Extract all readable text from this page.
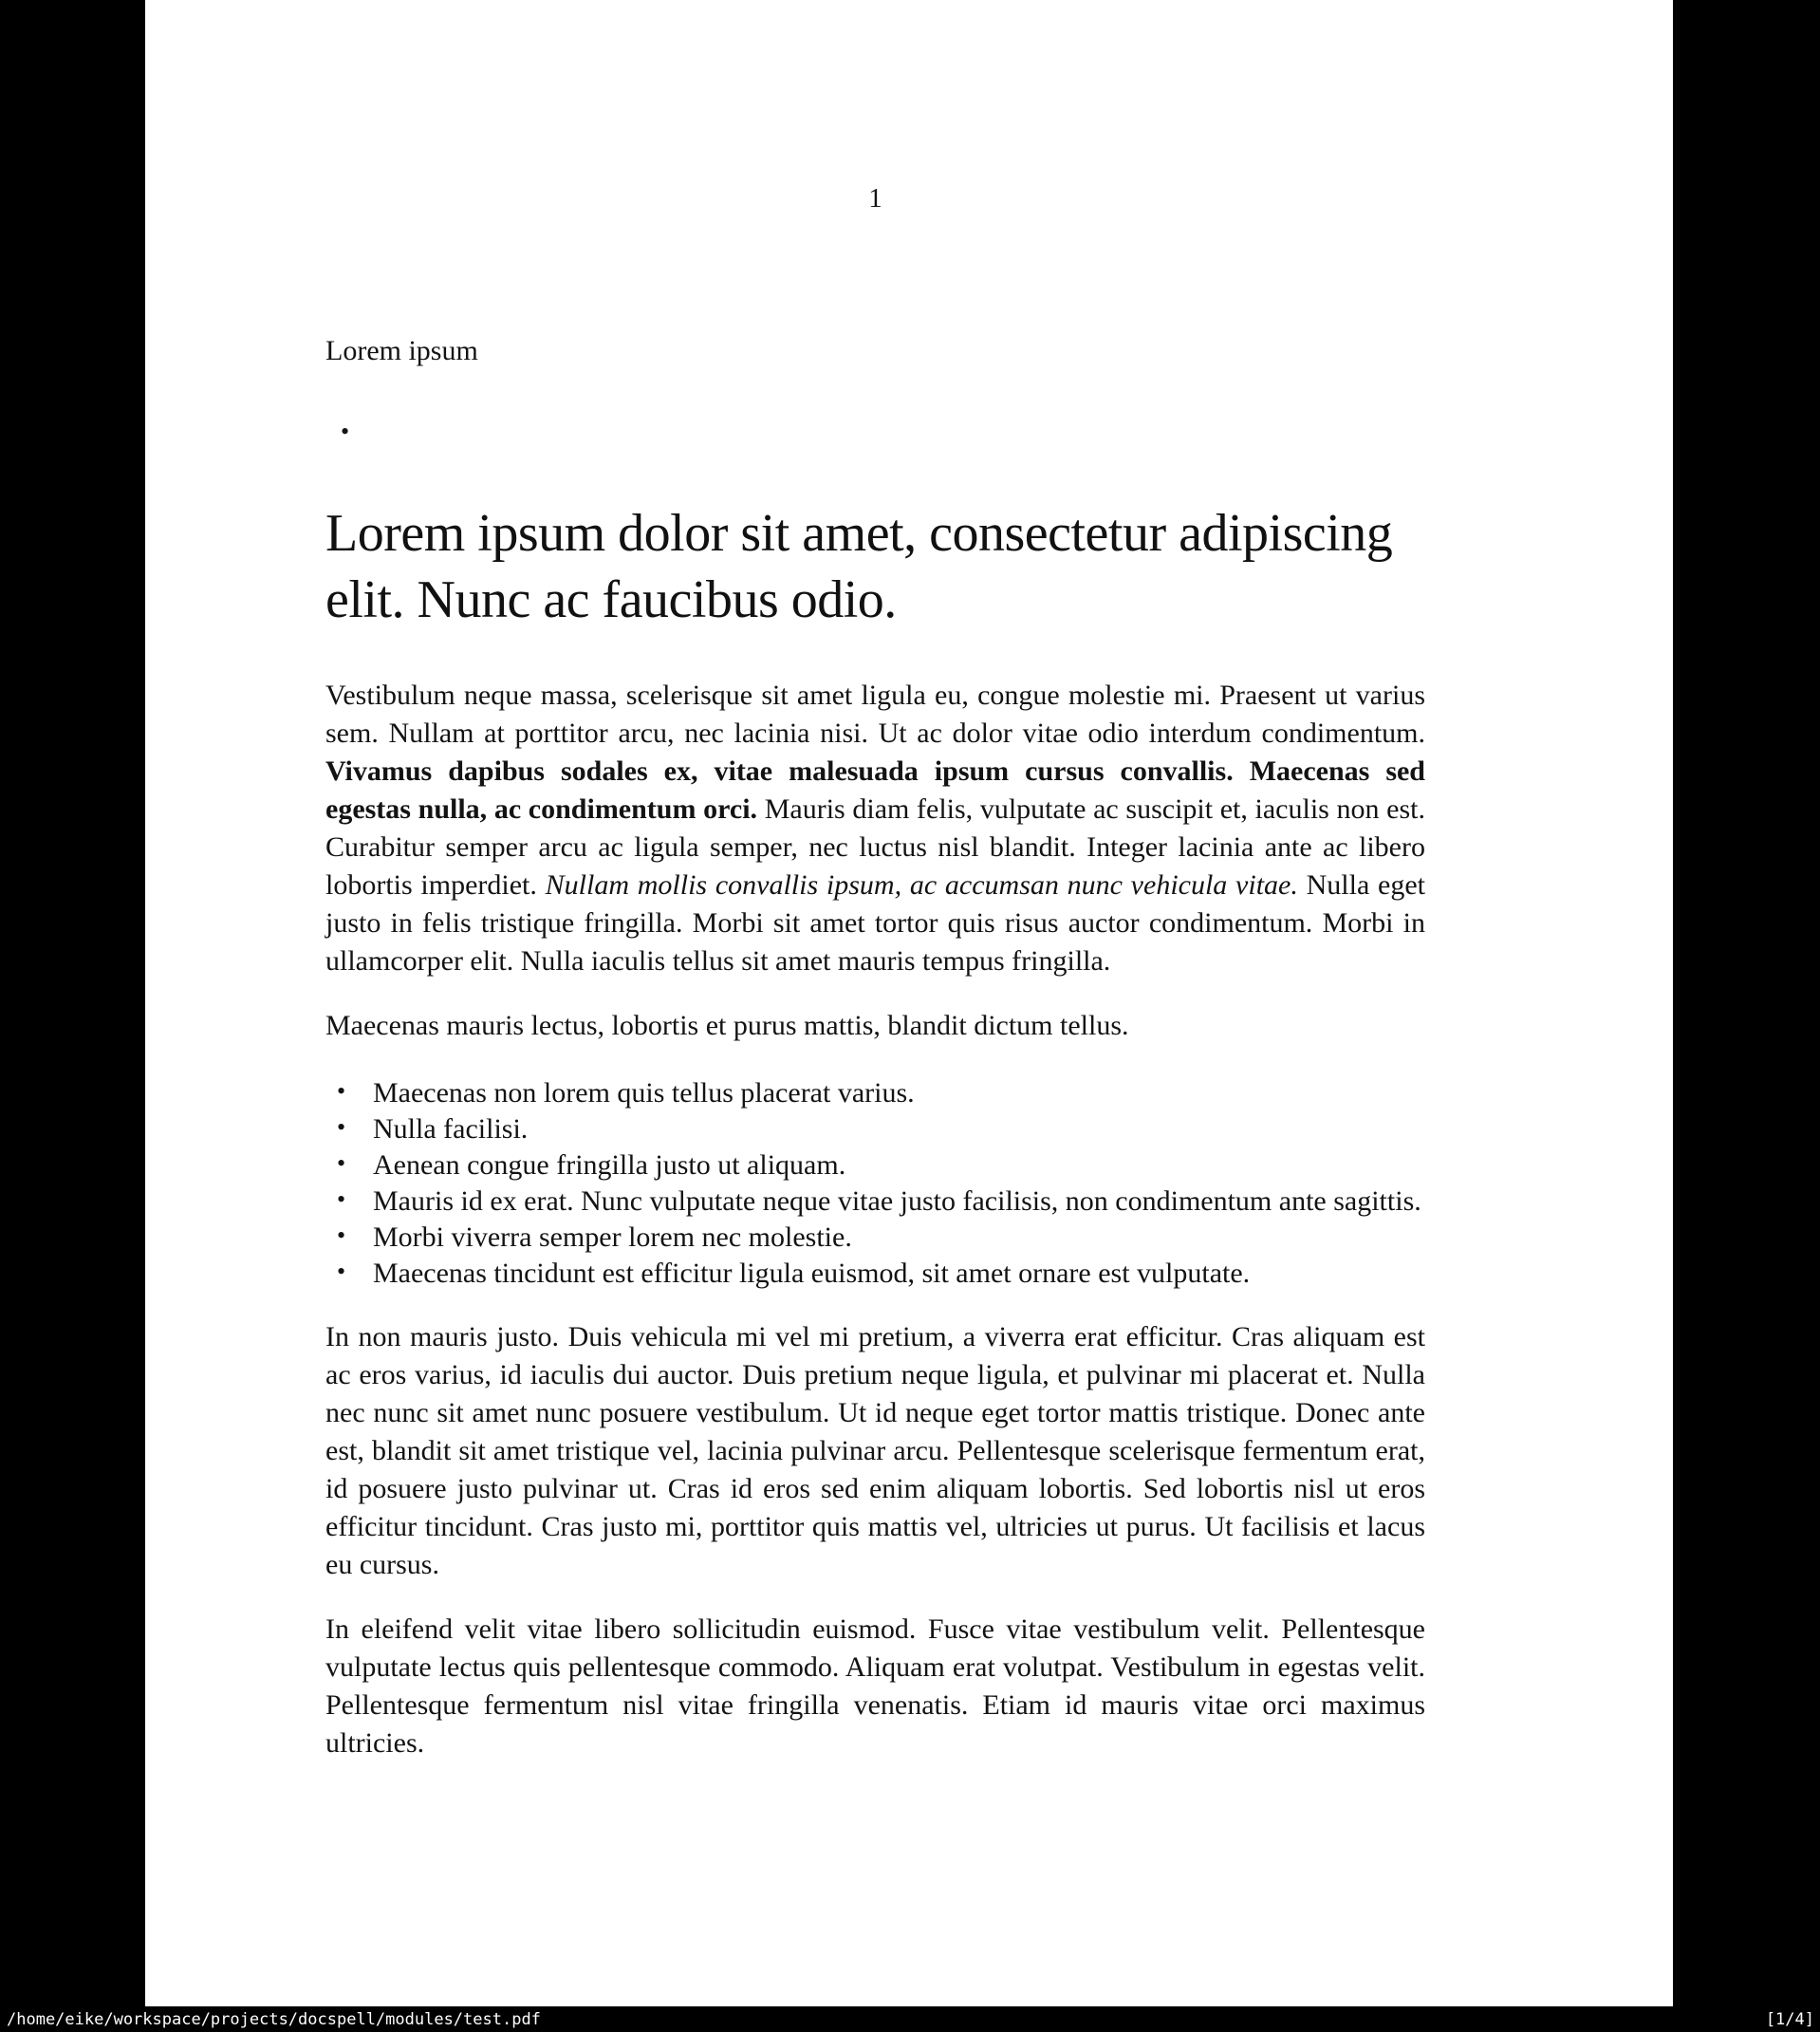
1

Lorem ipsum

•
Lorem ipsum dolor sit amet, consectetur adipiscing elit. Nunc ac faucibus odio.

Vestibulum neque massa, scelerisque sit amet ligula eu, congue molestie mi. Praesent ut varius sem. Nullam at porttitor arcu, nec lacinia nisi. Ut ac dolor vitae odio interdum condimentum. Vivamus dapibus sodales ex, vitae malesuada ipsum cursus convallis. Maecenas sed egestas nulla, ac condimentum orci. Mauris diam felis, vulputate ac suscipit et, iaculis non est. Curabitur semper arcu ac ligula semper, nec luctus nisl blandit. Integer lacinia ante ac libero lobortis imperdiet. Nullam mollis convallis ipsum, ac accumsan nunc vehicula vitae. Nulla eget justo in felis tristique fringilla. Morbi sit amet tortor quis risus auctor condimentum. Morbi in ullamcorper elit. Nulla iaculis tellus sit amet mauris tempus fringilla.

Maecenas mauris lectus, lobortis et purus mattis, blandit dictum tellus.

• Maecenas non lorem quis tellus placerat varius.
• Nulla facilisi.
• Aenean congue fringilla justo ut aliquam.
• Mauris id ex erat. Nunc vulputate neque vitae justo facilisis, non condimentum ante sagittis.
• Morbi viverra semper lorem nec molestie.
• Maecenas tincidunt est efficitur ligula euismod, sit amet ornare est vulputate.

In non mauris justo. Duis vehicula mi vel mi pretium, a viverra erat efficitur. Cras aliquam est ac eros varius, id iaculis dui auctor. Duis pretium neque ligula, et pulvinar mi placerat et. Nulla nec nunc sit amet nunc posuere vestibulum. Ut id neque eget tortor mattis tristique. Donec ante est, blandit sit amet tristique vel, lacinia pulvinar arcu. Pellentesque scelerisque fermentum erat, id posuere justo pulvinar ut. Cras id eros sed enim aliquam lobortis. Sed lobortis nisl ut eros efficitur tincidunt. Cras justo mi, porttitor quis mattis vel, ultricies ut purus. Ut facilisis et lacus eu cursus.

In eleifend velit vitae libero sollicitudin euismod. Fusce vitae vestibulum velit. Pellentesque vulputate lectus quis pellentesque commodo. Aliquam erat volutpat. Vestibulum in egestas velit. Pellentesque fermentum nisl vitae fringilla venenatis. Etiam id mauris vitae orci maximus ultricies.

/home/eike/workspace/projects/docspell/modules/test.pdf	[1/4]
